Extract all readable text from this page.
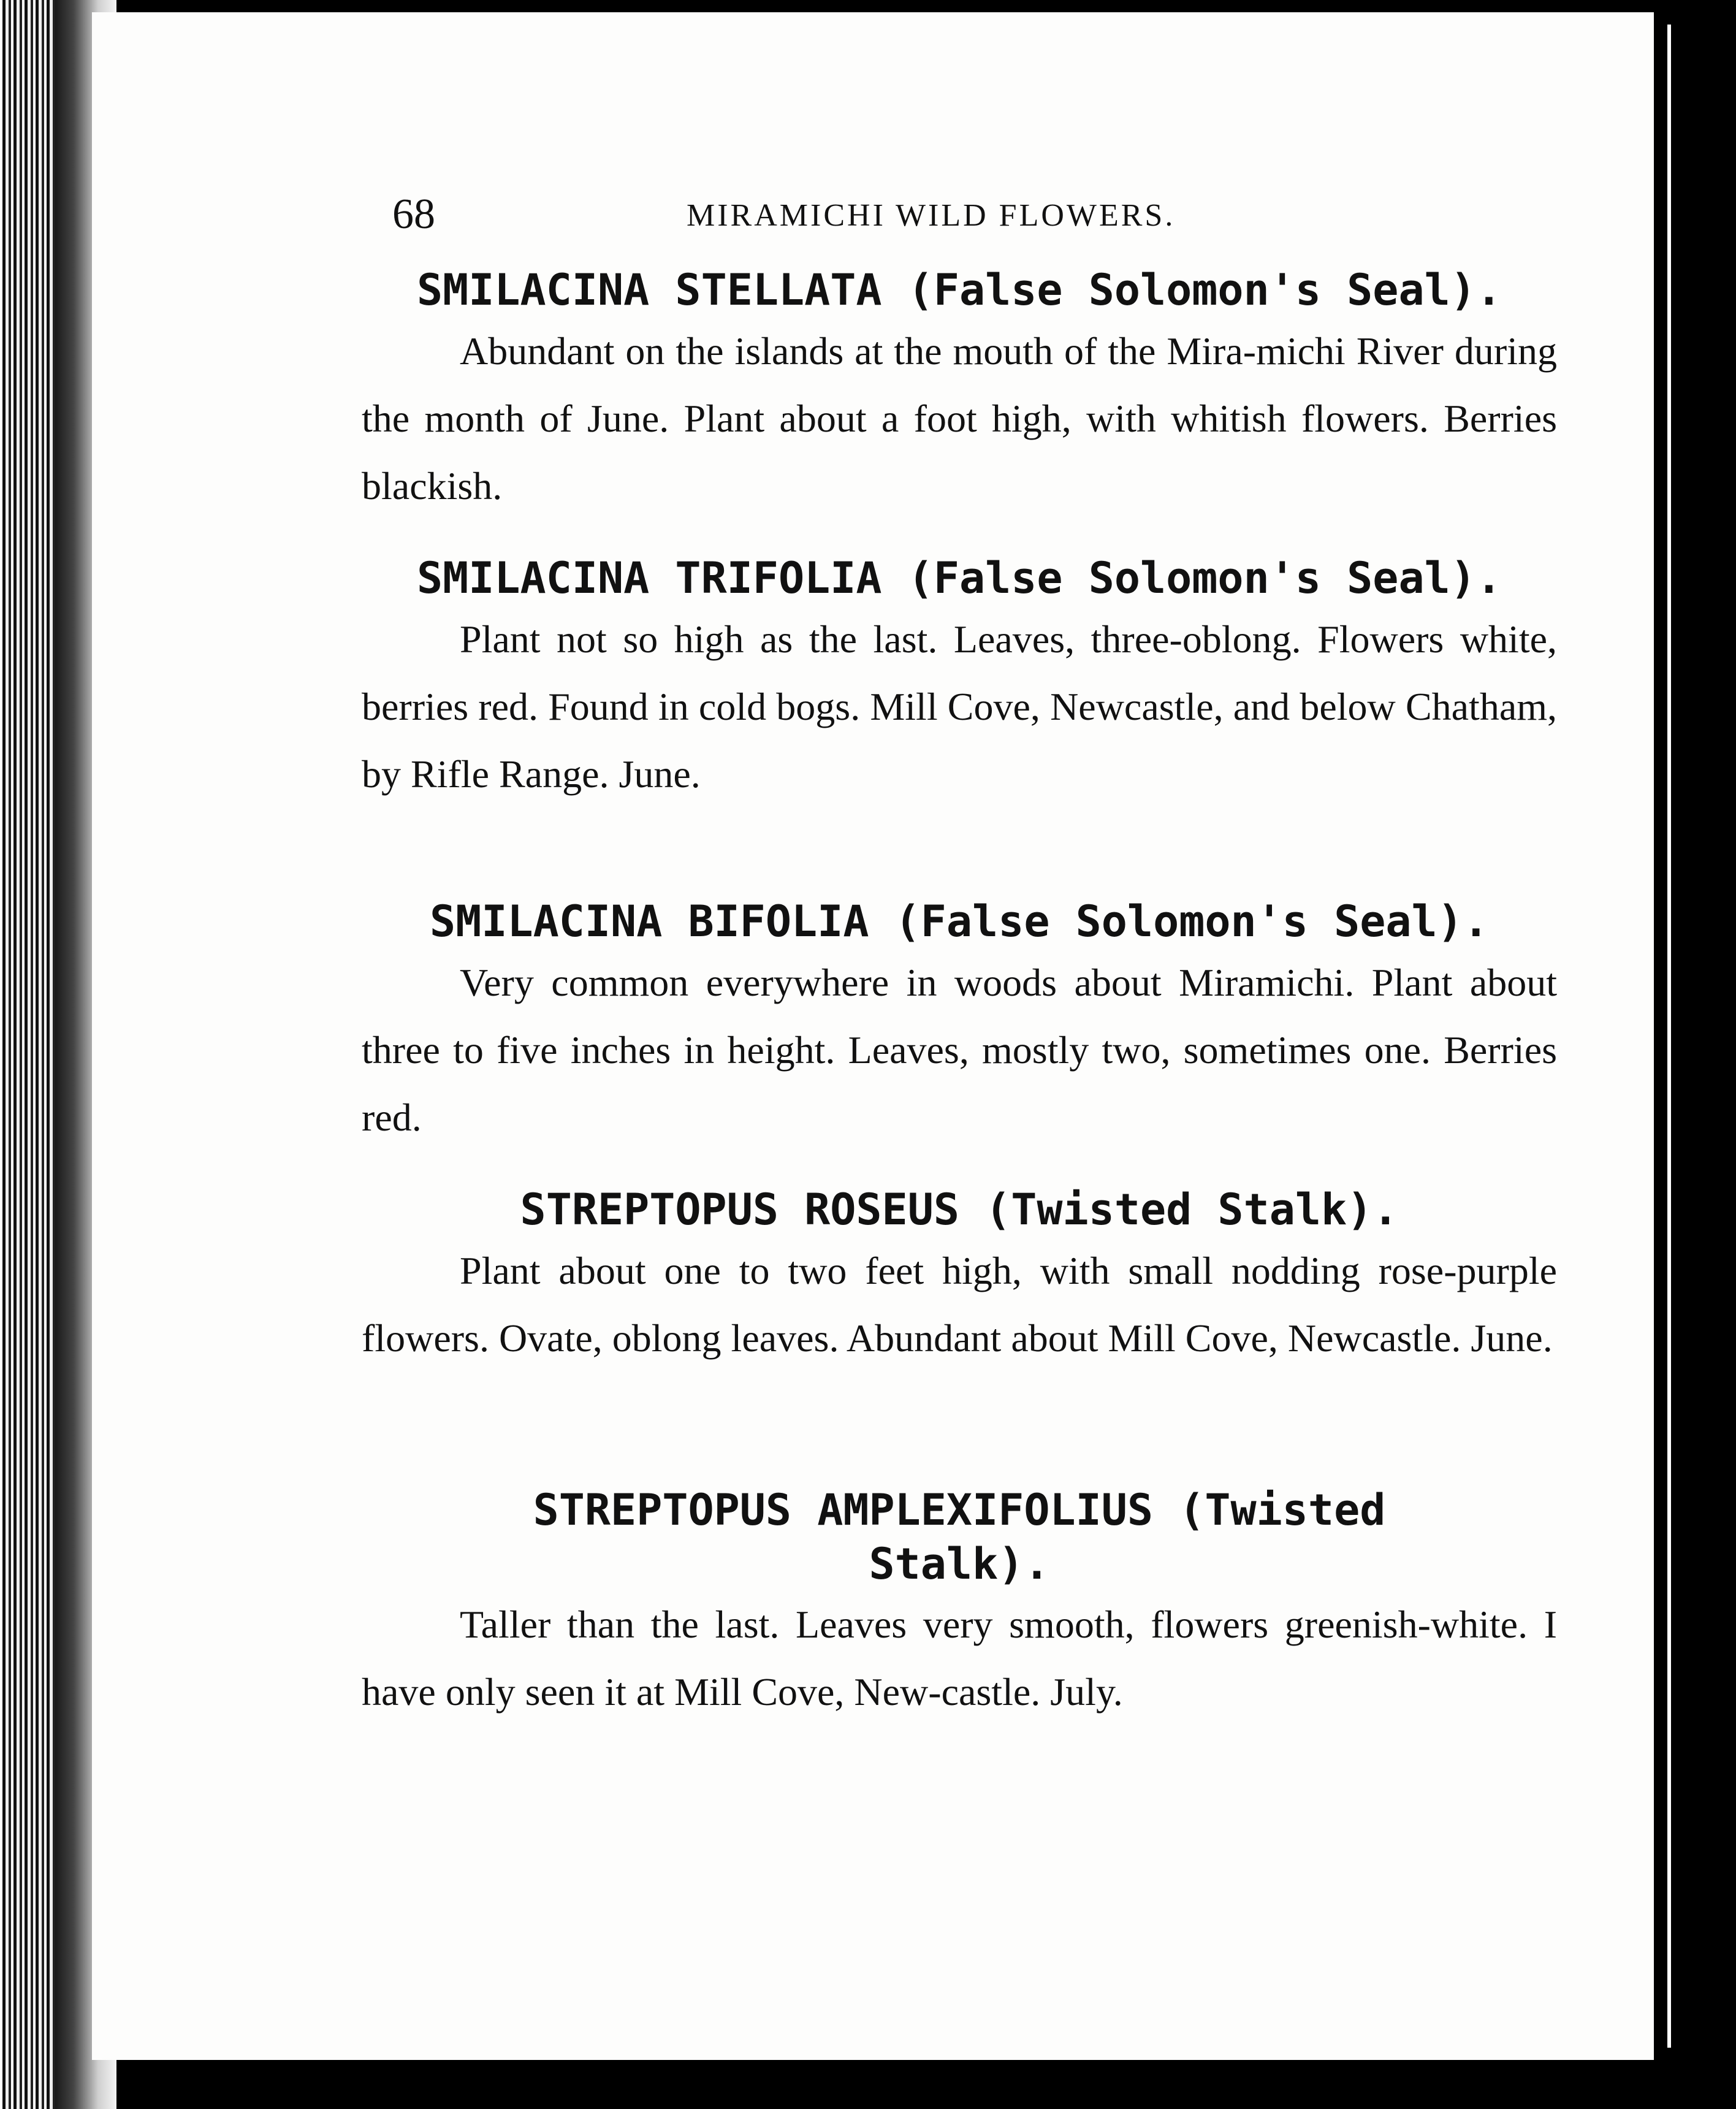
68	MIRAMICHI WILD FLOWERS.
SMILACINA STELLATA (False Solomon's Seal).

Abundant on the islands at the mouth of the Mira-michi River during the month of June. Plant about a foot high, with whitish flowers. Berries blackish.

SMILACINA TRIFOLIA (False Solomon's Seal).

Plant not so high as the last. Leaves, three-oblong. Flowers white, berries red. Found in cold bogs. Mill Cove, Newcastle, and below Chatham, by Rifle Range. June.

SMILACINA BIFOLIA (False Solomon's Seal).

Very common everywhere in woods about Miramichi. Plant about three to five inches in height. Leaves, mostly two, sometimes one. Berries red.

STREPTOPUS ROSEUS (Twisted Stalk).

Plant about one to two feet high, with small nodding rose-purple flowers. Ovate, oblong leaves. Abundant about Mill Cove, Newcastle. June.

STREPTOPUS AMPLEXIFOLIUS (Twisted Stalk).

Taller than the last. Leaves very smooth, flowers greenish-white. I have only seen it at Mill Cove, New-castle. July.
